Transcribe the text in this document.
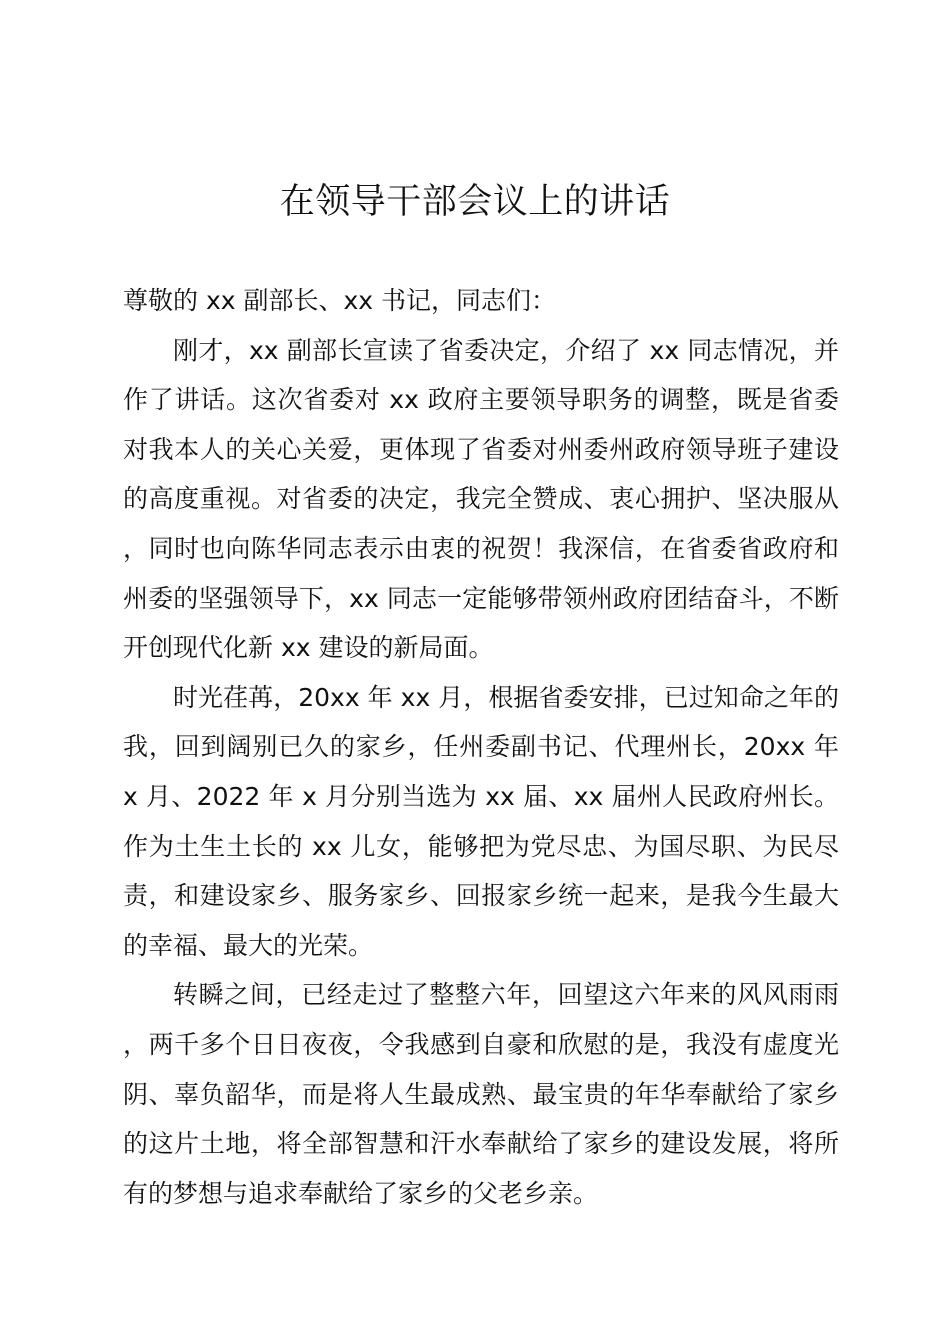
在领导干部会议上的讲话

尊敬的 xx 副部长、xx 书记，同志们：

刚才，xx 副部长宣读了省委决定，介绍了 xx 同志情况，并作了讲话。这次省委对 xx 政府主要领导职务的调整，既是省委对我本人的关心关爱，更体现了省委对州委州政府领导班子建设的高度重视。对省委的决定，我完全赞成、衷心拥护、坚决服从，同时也向陈华同志表示由衷的祝贺！我深信，在省委省政府和州委的坚强领导下，xx 同志一定能够带领州政府团结奋斗，不断开创现代化新 xx 建设的新局面。

时光荏苒，20xx 年 xx 月，根据省委安排，已过知命之年的我，回到阔别已久的家乡，任州委副书记、代理州长，20xx 年 x 月、2022 年 x 月分别当选为 xx 届、xx 届州人民政府州长。作为土生土长的 xx 儿女，能够把为党尽忠、为国尽职、为民尽责，和建设家乡、服务家乡、回报家乡统一起来，是我今生最大的幸福、最大的光荣。

转瞬之间，已经走过了整整六年，回望这六年来的风风雨雨，两千多个日日夜夜，令我感到自豪和欣慰的是，我没有虚度光阴、辜负韶华，而是将人生最成熟、最宝贵的年华奉献给了家乡的这片土地，将全部智慧和汗水奉献给了家乡的建设发展，将所有的梦想与追求奉献给了家乡的父老乡亲。
